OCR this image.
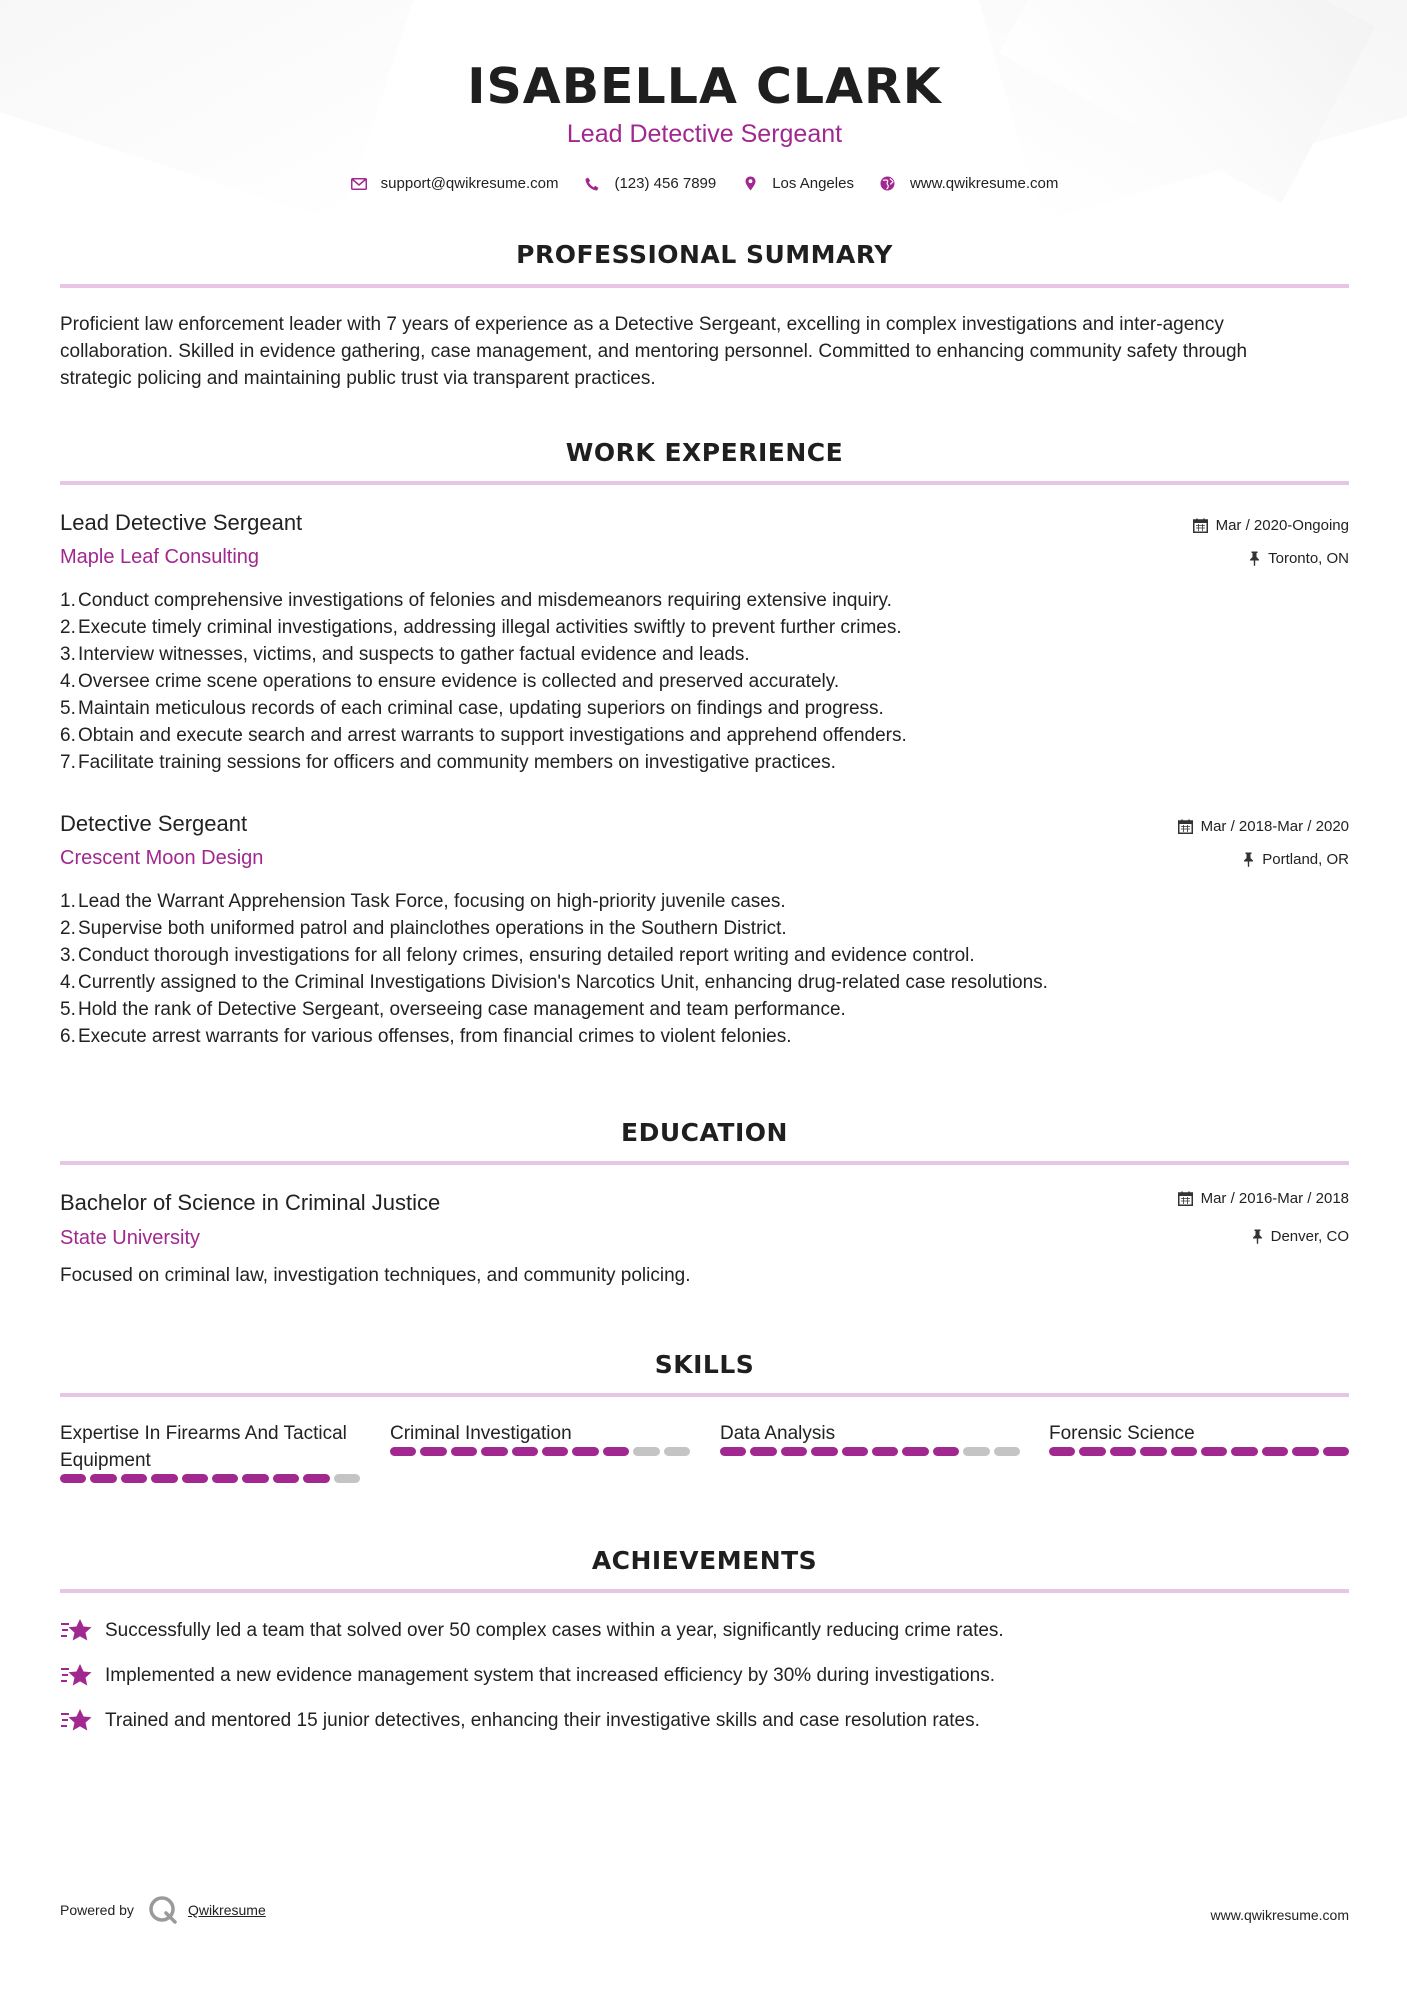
ISABELLA CLARK
Lead Detective Sergeant
support@qwikresume.com	(123) 456 7899	Los Angeles	www.qwikresume.com
PROFESSIONAL SUMMARY
Proficient law enforcement leader with 7 years of experience as a Detective Sergeant, excelling in complex investigations and inter-agency
collaboration. Skilled in evidence gathering, case management, and mentoring personnel. Committed to enhancing community safety through
strategic policing and maintaining public trust via transparent practices.
WORK EXPERIENCE
Lead Detective Sergeant
Maple Leaf Consulting
Mar / 2020-Ongoing
Toronto, ON
1. Conduct comprehensive investigations of felonies and misdemeanors requiring extensive inquiry.
2. Execute timely criminal investigations, addressing illegal activities swiftly to prevent further crimes.
3. Interview witnesses, victims, and suspects to gather factual evidence and leads.
4. Oversee crime scene operations to ensure evidence is collected and preserved accurately.
5. Maintain meticulous records of each criminal case, updating superiors on findings and progress.
6. Obtain and execute search and arrest warrants to support investigations and apprehend offenders.
7. Facilitate training sessions for officers and community members on investigative practices.
Detective Sergeant
Crescent Moon Design
Mar / 2018-Mar / 2020
Portland, OR
1. Lead the Warrant Apprehension Task Force, focusing on high-priority juvenile cases.
2. Supervise both uniformed patrol and plainclothes operations in the Southern District.
3. Conduct thorough investigations for all felony crimes, ensuring detailed report writing and evidence control.
4. Currently assigned to the Criminal Investigations Division's Narcotics Unit, enhancing drug-related case resolutions.
5. Hold the rank of Detective Sergeant, overseeing case management and team performance.
6. Execute arrest warrants for various offenses, from financial crimes to violent felonies.
EDUCATION
Bachelor of Science in Criminal Justice
State University
Mar / 2016-Mar / 2018
Denver, CO
Focused on criminal law, investigation techniques, and community policing.
SKILLS
Expertise In Firearms And Tactical Equipment
Criminal Investigation	Data Analysis	Forensic Science
ACHIEVEMENTS
Successfully led a team that solved over 50 complex cases within a year, significantly reducing crime rates.
Implemented a new evidence management system that increased efficiency by 30% during investigations.
Trained and mentored 15 junior detectives, enhancing their investigative skills and case resolution rates.
Powered by	Qwikresume	www.qwikresume.com
